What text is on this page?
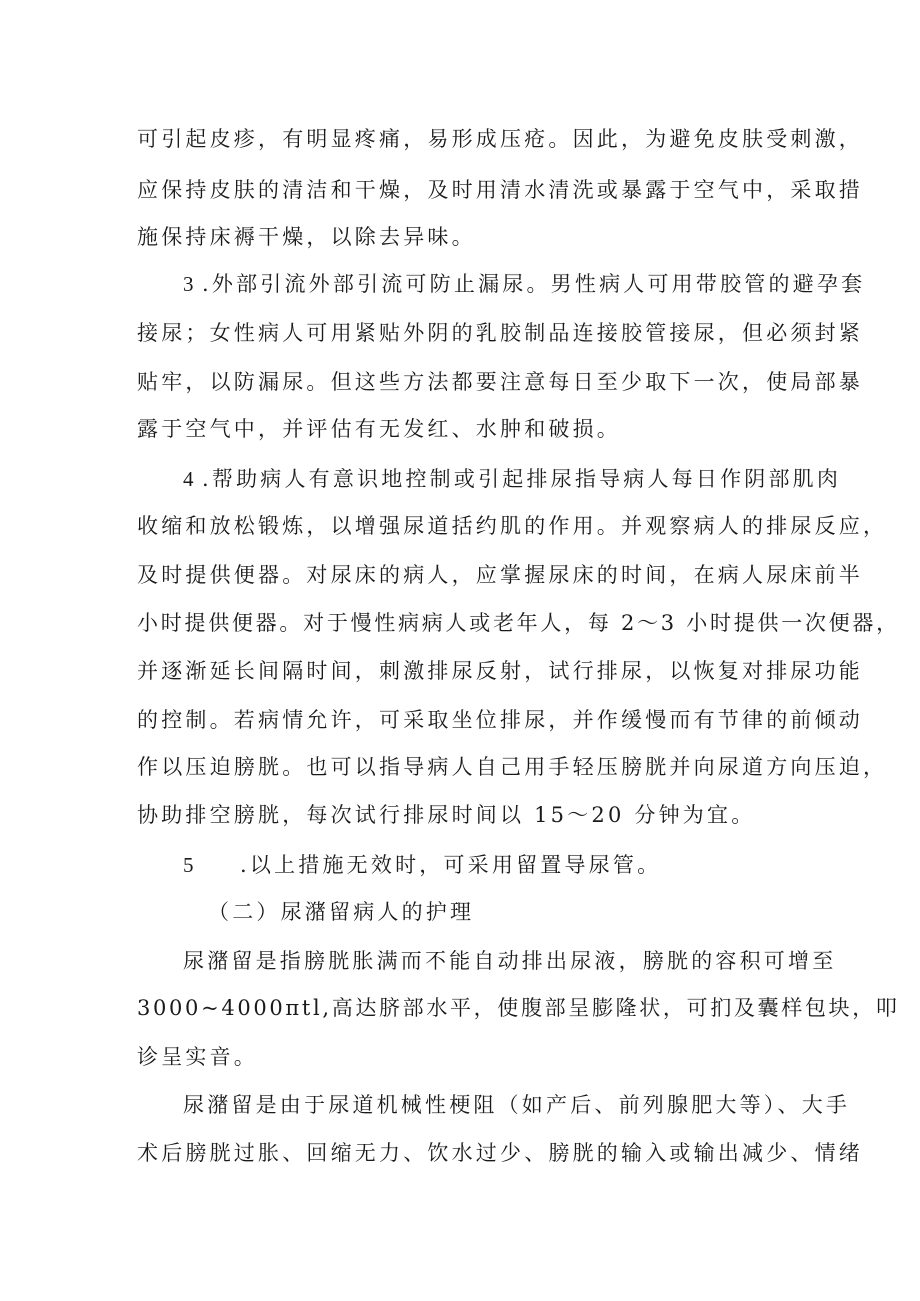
可引起皮疹，有明显疼痛，易形成压疮。因此，为避免皮肤受刺激，
应保持皮肤的清洁和干燥，及时用清水清洗或暴露于空气中，采取措
施保持床褥干燥，以除去异味。
3 .外部引流外部引流可防止漏尿。男性病人可用带胶管的避孕套
接尿；女性病人可用紧贴外阴的乳胶制品连接胶管接尿，但必须封紧
贴牢，以防漏尿。但这些方法都要注意每日至少取下一次，使局部暴
露于空气中，并评估有无发红、水肿和破损。
4 .帮助病人有意识地控制或引起排尿指导病人每日作阴部肌肉
收缩和放松锻炼，以增强尿道括约肌的作用。并观察病人的排尿反应，
及时提供便器。对尿床的病人，应掌握尿床的时间，在病人尿床前半
小时提供便器。对于慢性病病人或老年人，每 2～3 小时提供一次便器，
并逐渐延长间隔时间，刺激排尿反射，试行排尿，以恢复对排尿功能
的控制。若病情允许，可采取坐位排尿，并作缓慢而有节律的前倾动
作以压迫膀胱。也可以指导病人自己用手轻压膀胱并向尿道方向压迫，
协助排空膀胱，每次试行排尿时间以 15～20 分钟为宜。
5 .以上措施无效时，可采用留置导尿管。
（二）尿潴留病人的护理
尿潴留是指膀胱胀满而不能自动排出尿液，膀胱的容积可增至
3000~4000πtl,高达脐部水平，使腹部呈膨隆状，可扪及囊样包块，叩
诊呈实音。
尿潴留是由于尿道机械性梗阻（如产后、前列腺肥大等）、大手
术后膀胱过胀、回缩无力、饮水过少、膀胱的输入或输出减少、情绪
